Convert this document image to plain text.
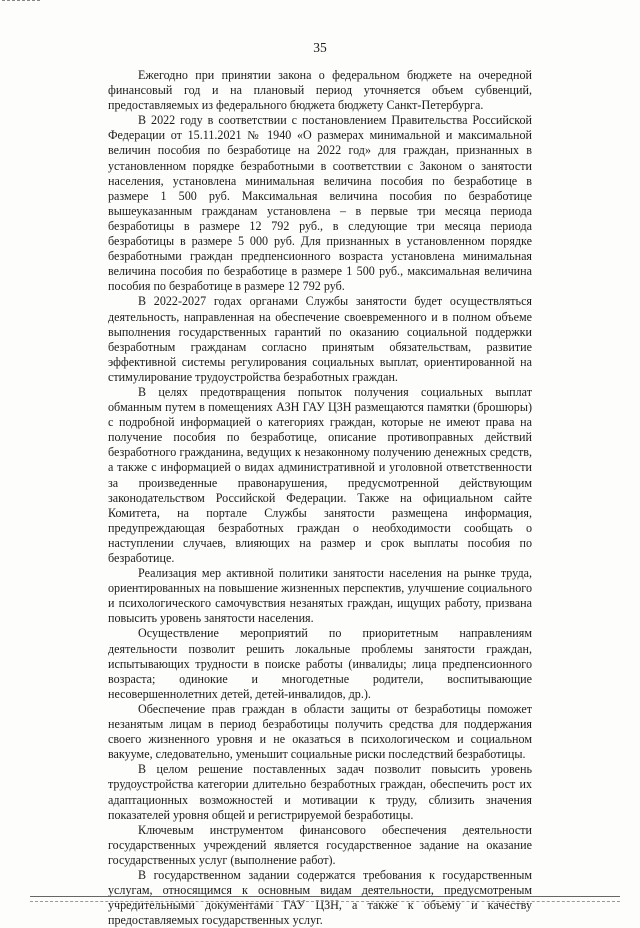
35

Ежегодно при принятии закона о федеральном бюджете на очередной финансовый год и на плановый период уточняется объем субвенций, предоставляемых из федерального бюджета бюджету Санкт-Петербурга.

В 2022 году в соответствии с постановлением Правительства Российской Федерации от 15.11.2021 № 1940 «О размерах минимальной и максимальной величин пособия по безработице на 2022 год» для граждан, признанных в установленном порядке безработными в соответствии с Законом о занятости населения, установлена минимальная величина пособия по безработице в размере 1 500 руб. Максимальная величина пособия по безработице вышеуказанным гражданам установлена – в первые три месяца периода безработицы в размере 12 792 руб., в следующие три месяца периода безработицы в размере 5 000 руб. Для признанных в установленном порядке безработными граждан предпенсионного возраста установлена минимальная величина пособия по безработице в размере 1 500 руб., максимальная величина пособия по безработице в размере 12 792 руб.

В 2022-2027 годах органами Службы занятости будет осуществляться деятельность, направленная на обеспечение своевременного и в полном объеме выполнения государственных гарантий по оказанию социальной поддержки безработным гражданам согласно принятым обязательствам, развитие эффективной системы регулирования социальных выплат, ориентированной на стимулирование трудоустройства безработных граждан.

В целях предотвращения попыток получения социальных выплат обманным путем в помещениях АЗН ГАУ ЦЗН размещаются памятки (брошюры) с подробной информацией о категориях граждан, которые не имеют права на получение пособия по безработице, описание противоправных действий безработного гражданина, ведущих к незаконному получению денежных средств, а также с информацией о видах административной и уголовной ответственности за произведенные правонарушения, предусмотренной действующим законодательством Российской Федерации. Также на официальном сайте Комитета, на портале Службы занятости размещена информация, предупреждающая безработных граждан о необходимости сообщать о наступлении случаев, влияющих на размер и срок выплаты пособия по безработице.

Реализация мер активной политики занятости населения на рынке труда, ориентированных на повышение жизненных перспектив, улучшение социального и психологического самочувствия незанятых граждан, ищущих работу, призвана повысить уровень занятости населения.

Осуществление мероприятий по приоритетным направлениям деятельности позволит решить локальные проблемы занятости граждан, испытывающих трудности в поиске работы (инвалиды; лица предпенсионного возраста; одинокие и многодетные родители, воспитывающие несовершеннолетних детей, детей-инвалидов, др.).

Обеспечение прав граждан в области защиты от безработицы поможет незанятым лицам в период безработицы получить средства для поддержания своего жизненного уровня и не оказаться в психологическом и социальном вакууме, следовательно, уменьшит социальные риски последствий безработицы.

В целом решение поставленных задач позволит повысить уровень трудоустройства категории длительно безработных граждан, обеспечить рост их адаптационных возможностей и мотивации к труду, сблизить значения показателей уровня общей и регистрируемой безработицы.

Ключевым инструментом финансового обеспечения деятельности государственных учреждений является государственное задание на оказание государственных услуг (выполнение работ).

В государственном задании содержатся требования к государственным услугам, относящимся к основным видам деятельности, предусмотреным учредительными документами ГАУ ЦЗН, а также к объему и качеству предоставляемых государственных услуг.
